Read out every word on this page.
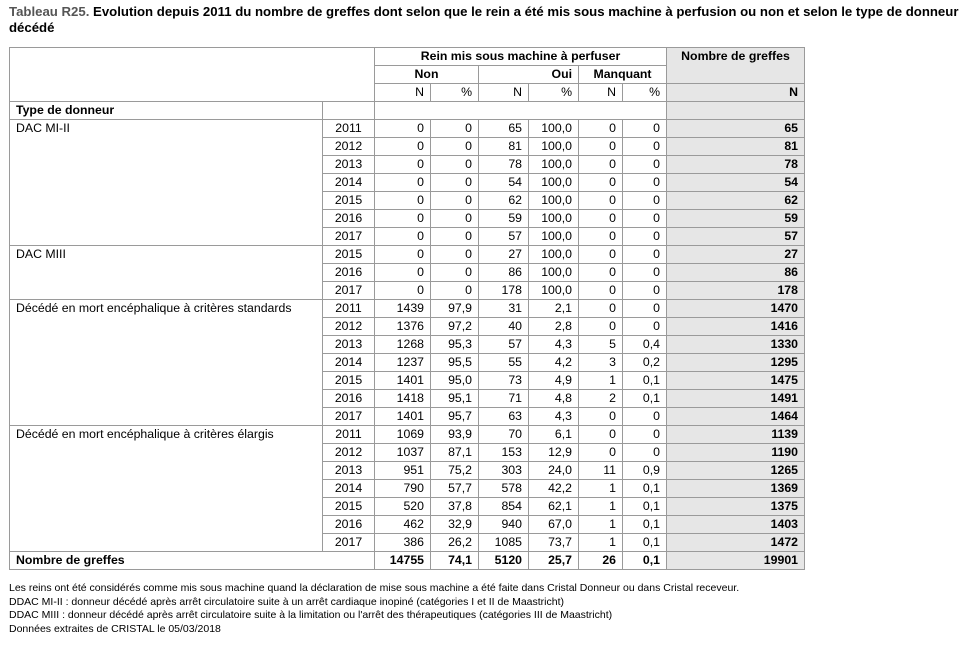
Tableau R25. Evolution depuis 2011 du nombre de greffes dont selon que le rein a été mis sous machine à perfusion ou non et selon le type de donneur décédé
		Rein mis sous machine à perfuser						Nombre de greffes
		Non		Oui		Manquant		
		N	%	N	%	N	%	N
Type de donneur								
DAC MI-II	2011	0	0	65	100,0	0	0	65
	2012	0	0	81	100,0	0	0	81
	2013	0	0	78	100,0	0	0	78
	2014	0	0	54	100,0	0	0	54
	2015	0	0	62	100,0	0	0	62
	2016	0	0	59	100,0	0	0	59
	2017	0	0	57	100,0	0	0	57
DAC MIII	2015	0	0	27	100,0	0	0	27
	2016	0	0	86	100,0	0	0	86
	2017	0	0	178	100,0	0	0	178
Décédé en mort encéphalique à critères standards	2011	1439	97,9	31	2,1	0	0	1470
	2012	1376	97,2	40	2,8	0	0	1416
	2013	1268	95,3	57	4,3	5	0,4	1330
	2014	1237	95,5	55	4,2	3	0,2	1295
	2015	1401	95,0	73	4,9	1	0,1	1475
	2016	1418	95,1	71	4,8	2	0,1	1491
	2017	1401	95,7	63	4,3	0	0	1464
Décédé en mort encéphalique à critères élargis	2011	1069	93,9	70	6,1	0	0	1139
	2012	1037	87,1	153	12,9	0	0	1190
	2013	951	75,2	303	24,0	11	0,9	1265
	2014	790	57,7	578	42,2	1	0,1	1369
	2015	520	37,8	854	62,1	1	0,1	1375
	2016	462	32,9	940	67,0	1	0,1	1403
	2017	386	26,2	1085	73,7	1	0,1	1472
Nombre de greffes		14755	74,1	5120	25,7	26	0,1	19901
Les reins ont été considérés comme mis sous machine quand la déclaration de mise sous machine a été faite dans Cristal Donneur ou dans Cristal receveur.
DDAC MI-II : donneur décédé après arrêt circulatoire suite à un arrêt cardiaque inopiné (catégories I et II de Maastricht)
DDAC MIII : donneur décédé après arrêt circulatoire suite à la limitation ou l'arrêt des thérapeutiques (catégories III de Maastricht)
Données extraites de CRISTAL le 05/03/2018
